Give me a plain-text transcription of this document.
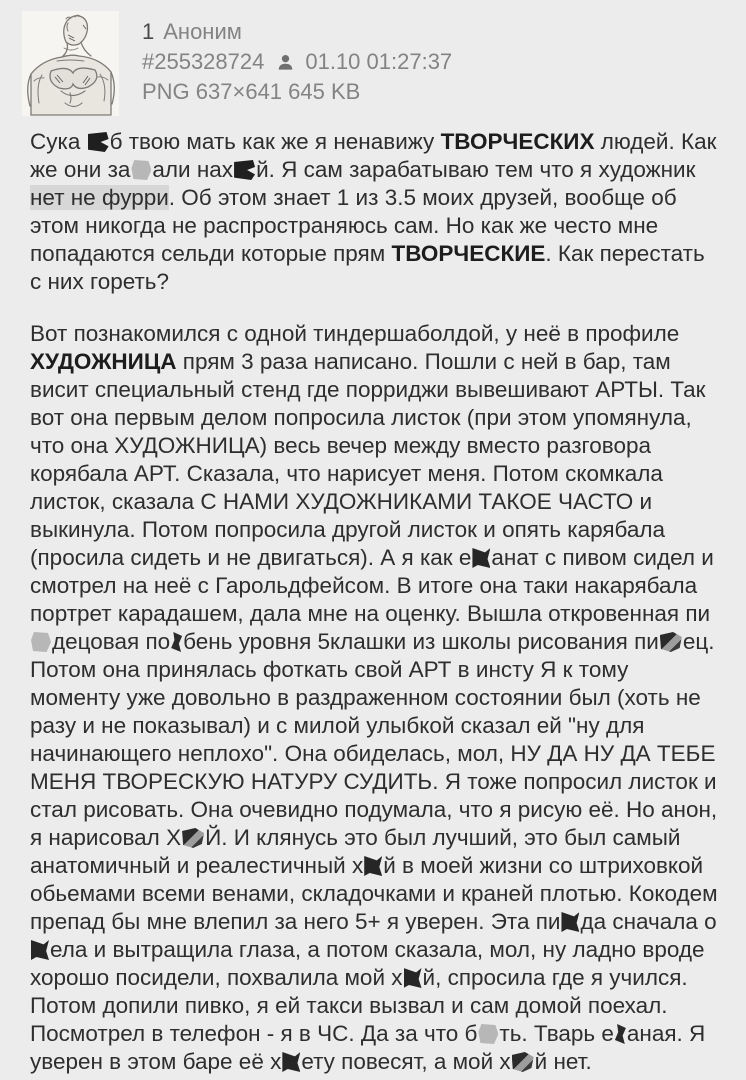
1 Аноним
#255328724 01.10 01:27:37
PNG 637×641 645 KB

Сука б твою мать как же я ненавижу ТВОРЧЕСКИХ людей. Как же они за али нах й. Я сам зарабатываю тем что я художник нет не фурри. Об этом знает 1 из 3.5 моих друзей, вообще об этом никогда не распространяюсь сам. Но как же често мне попадаются сельди которые прям ТВОРЧЕСКИЕ. Как перестать с них гореть?

Вот познакомился с одной тиндершаболдой, у неё в профиле ХУДОЖНИЦА прям 3 раза написано. Пошли с ней в бар, там висит специальный стенд где порриджи вывешивают АРТЫ. Так вот она первым делом попросила листок (при этом упомянула, что она ХУДОЖНИЦА) весь вечер между вместо разговора корябала АРТ. Сказала, что нарисует меня. Потом скомкала листок, сказала С НАМИ ХУДОЖНИКАМИ ТАКОЕ ЧАСТО и выкинула. Потом попросила другой листок и опять карябала (просила сидеть и не двигаться). А я как е анат с пивом сидел и смотрел на неё с Гарольдфейсом. В итоге она таки накарябала портрет карадашем, дала мне на оценку. Вышла откровенная пидецовая по бень уровня 5клашки из школы рисования пи ец. Потом она принялась фоткать свой АРТ в инсту Я к тому моменту уже довольно в раздраженном состоянии был (хоть не разу и не показывал) и с милой улыбкой сказал ей "ну для начинающего неплохо". Она обиделась, мол, НУ ДА НУ ДА ТЕБЕ МЕНЯ ТВОРЕСКУЮ НАТУРУ СУДИТЬ. Я тоже попросил листок и стал рисовать. Она очевидно подумала, что я рисую её. Но анон, я нарисовал Х Й. И клянусь это был лучший, это был самый анатомичный и реалестичный х й в моей жизни со штриховкой обьемами всеми венами, складочками и краней плотью. Кокодем препад бы мне влепил за него 5+ я уверен. Эта пи да сначала оела и вытращила глаза, а потом сказала, мол, ну ладно вроде хорошо посидели, похвалила мой х й, спросила где я учился. Потом допили пивко, я ей такси вызвал и сам домой поехал. Посмотрел в телефон - я в ЧС. Да за что б ть. Тварь е аная. Я уверен в этом баре её х ету повесят, а мой х й нет.
